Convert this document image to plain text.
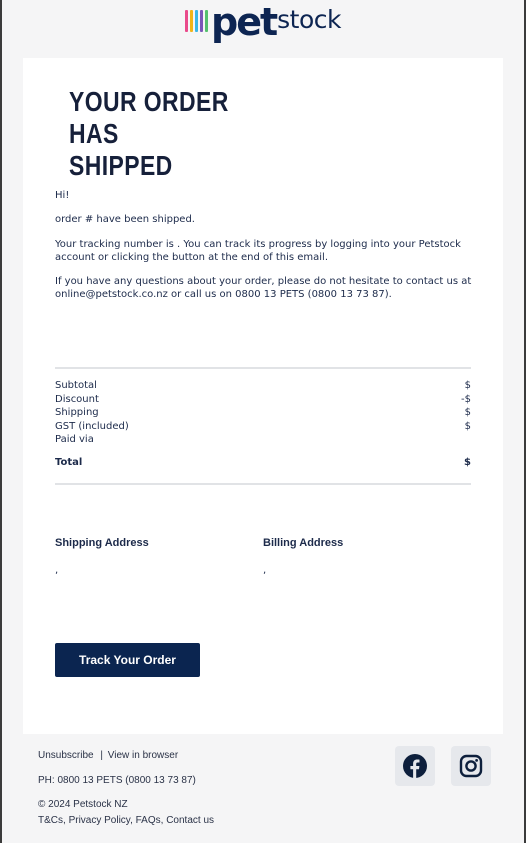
pet stock
YOUR ORDER HAS
SHIPPED

Hi!

order # have been shipped.

Your tracking number is . You can track its progress by logging into your Petstock account or clicking the button at the end of this email.

If you have any questions about your order, please do not hesitate to contact us at online@petstock.co.nz or call us on 0800 13 PETS (0800 13 73 87).

Subtotal	$
Discount	-$
Shipping	$
GST (included)	$
Paid via
Total	$
Shipping Address
,
Billing Address
,
Track Your Order
Unsubscribe | View in browser
PH: 0800 13 PETS (0800 13 73 87)
© 2024 Petstock NZ
T&Cs, Privacy Policy, FAQs, Contact us
